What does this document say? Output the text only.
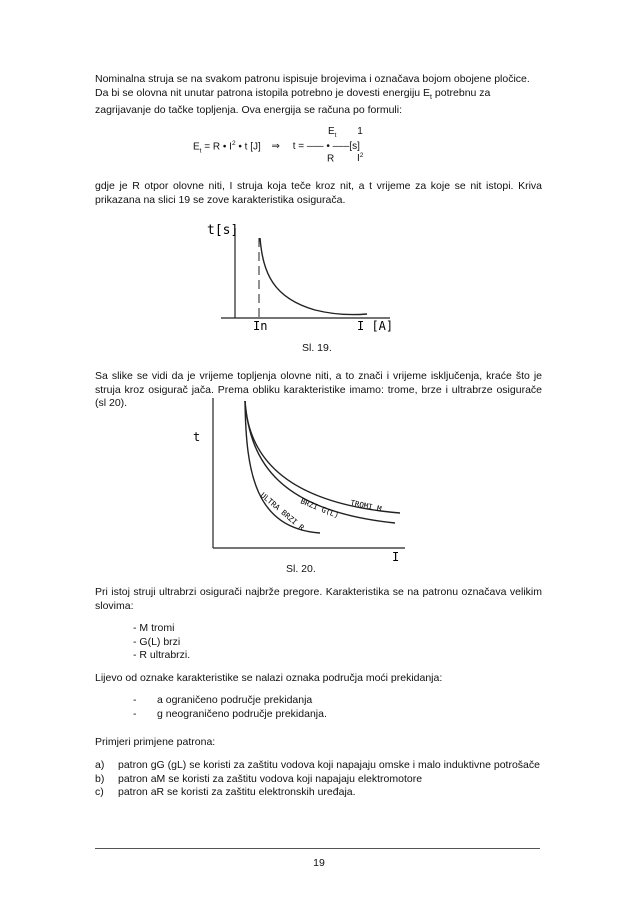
Nominalna struja se na svakom patronu ispisuje brojevima i označava bojom obojene pločice.
Da bi se olovna nit unutar patrona istopila potrebno je dovesti energiju $E_t$ potrebnu za
zagrijavanje do tačke topljenja. Ova energija se računa po formuli:
$E_t$ 1
$E_t = R$ • $I^2$ • t [J] ⇒ t = ––– • –––[s]
R $I^2$
gdje je R otpor olovne niti, I struja koja teče kroz nit, a t vrijeme za koje se nit istopi. Kriva prikazana na slici 19 se zove karakteristika osigurača.
t[s]
In	I [A]
Sl. 19.
Sa slike se vidi da je vrijeme topljenja olovne niti, a to znači i vrijeme isključenja, kraće što je struja kroz osigurač jača. Prema obliku karakteristike imamo: trome, brze i ultrabrze osigurače (sl 20).
t
I
TROMI M
BRZI G(L)
ULTRA BRZI R
Sl. 20.
Pri istoj struji ultrabrzi osigurači najbrže pregore. Karakteristika se na patronu označava velikim slovima:
- M tromi
- G(L) brzi
- R ultrabrzi.
Lijevo od oznake karakteristike se nalazi oznaka područja moći prekidanja:
- a ograničeno područje prekidanja
- g neograničeno područje prekidanja.
Primjeri primjene patrona:
a)	patron gG (gL) se koristi za zaštitu vodova koji napajaju omske i malo induktivne potrošače
b)	patron aM se koristi za zaštitu vodova koji napajaju elektromotore
c)	patron aR se koristi za zaštitu elektronskih uređaja.
19
